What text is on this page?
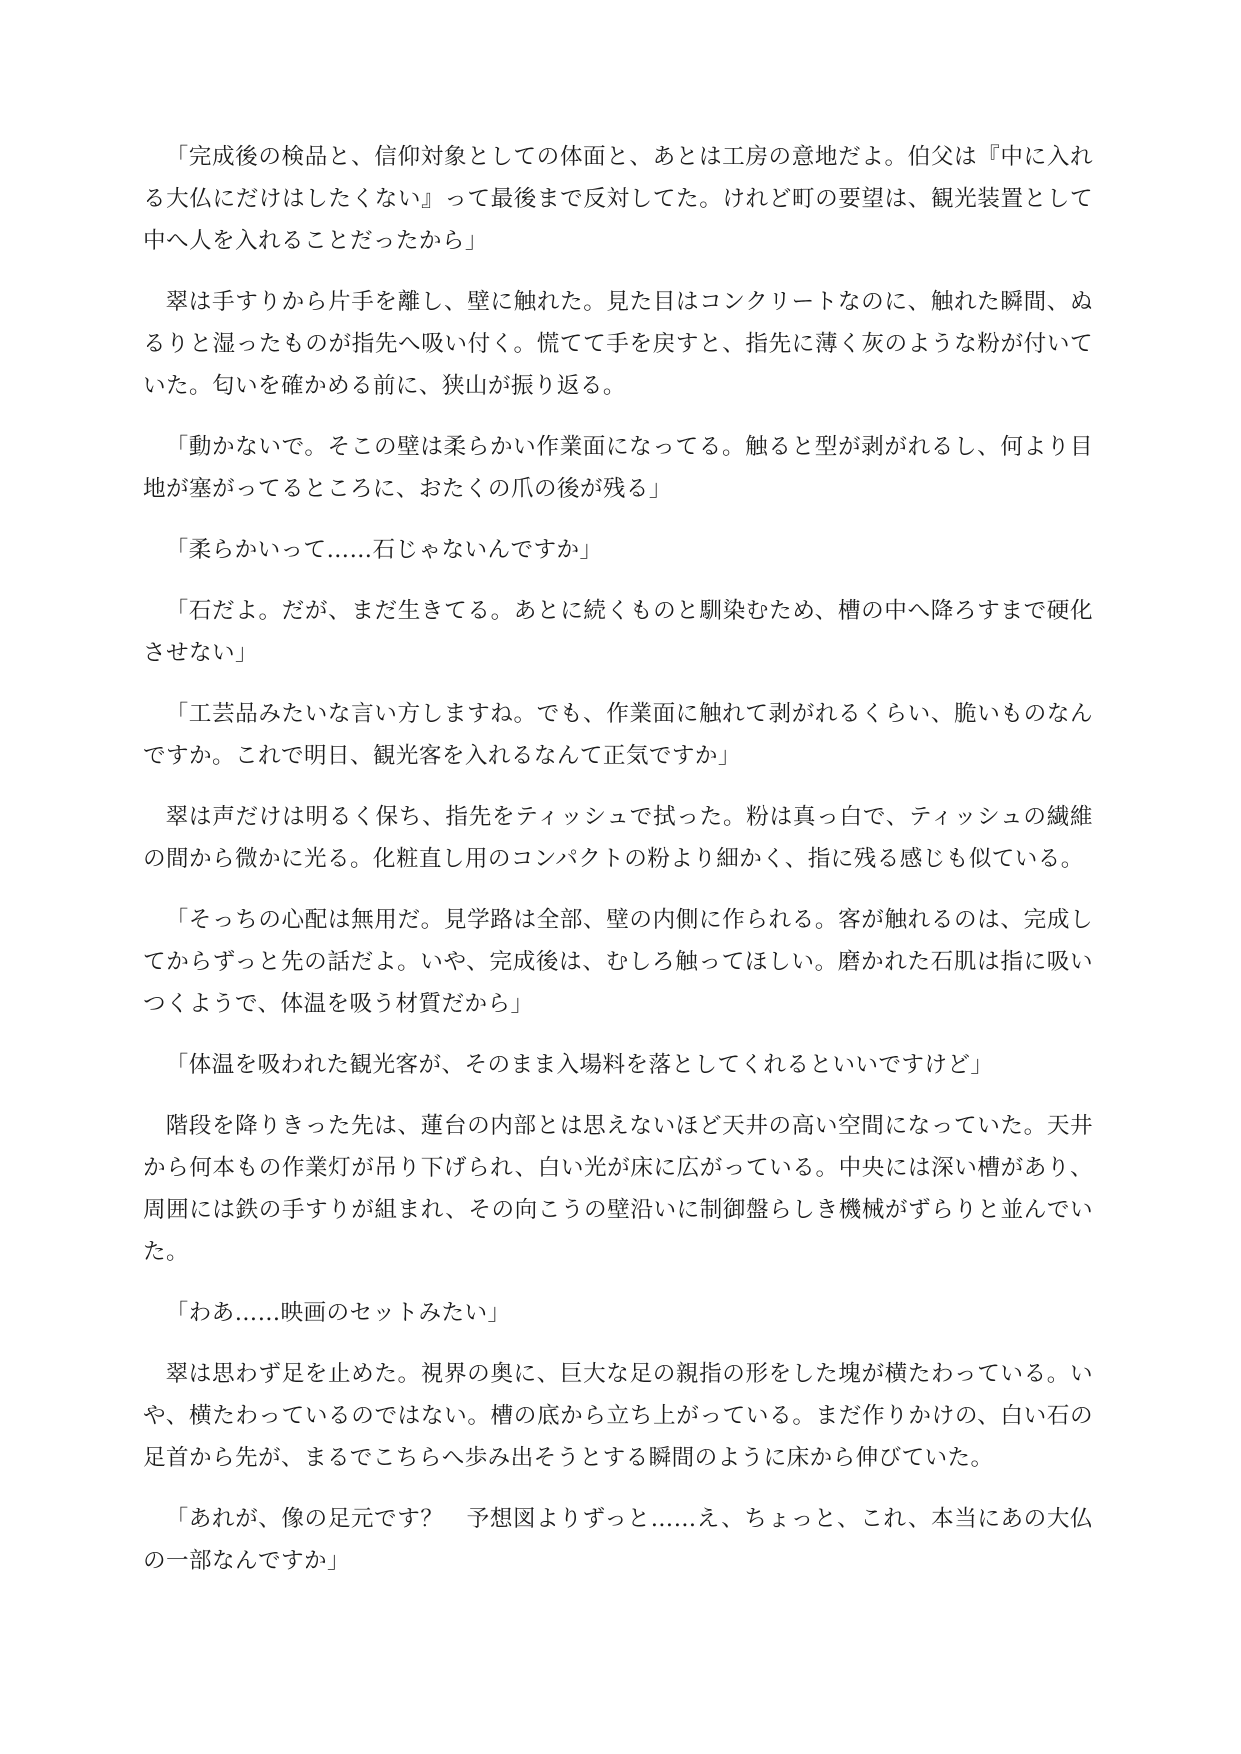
「完成後の検品と、信仰対象としての体面と、あとは工房の意地だよ。伯父は『中に入れる大仏にだけはしたくない』って最後まで反対してた。けれど町の要望は、観光装置として中へ人を入れることだったから」

翠は手すりから片手を離し、壁に触れた。見た目はコンクリートなのに、触れた瞬間、ぬるりと湿ったものが指先へ吸い付く。慌てて手を戻すと、指先に薄く灰のような粉が付いていた。匂いを確かめる前に、狭山が振り返る。

「動かないで。そこの壁は柔らかい作業面になってる。触ると型が剥がれるし、何より目地が塞がってるところに、おたくの爪の後が残る」

「柔らかいって……石じゃないんですか」

「石だよ。だが、まだ生きてる。あとに続くものと馴染むため、槽の中へ降ろすまで硬化させない」

「工芸品みたいな言い方しますね。でも、作業面に触れて剥がれるくらい、脆いものなんですか。これで明日、観光客を入れるなんて正気ですか」

翠は声だけは明るく保ち、指先をティッシュで拭った。粉は真っ白で、ティッシュの繊維の間から微かに光る。化粧直し用のコンパクトの粉より細かく、指に残る感じも似ている。

「そっちの心配は無用だ。見学路は全部、壁の内側に作られる。客が触れるのは、完成してからずっと先の話だよ。いや、完成後は、むしろ触ってほしい。磨かれた石肌は指に吸いつくようで、体温を吸う材質だから」

「体温を吸われた観光客が、そのまま入場料を落としてくれるといいですけど」

階段を降りきった先は、蓮台の内部とは思えないほど天井の高い空間になっていた。天井から何本もの作業灯が吊り下げられ、白い光が床に広がっている。中央には深い槽があり、周囲には鉄の手すりが組まれ、その向こうの壁沿いに制御盤らしき機械がずらりと並んでいた。

「わあ……映画のセットみたい」

翠は思わず足を止めた。視界の奥に、巨大な足の親指の形をした塊が横たわっている。いや、横たわっているのではない。槽の底から立ち上がっている。まだ作りかけの、白い石の足首から先が、まるでこちらへ歩み出そうとする瞬間のように床から伸びていた。

「あれが、像の足元です？　予想図よりずっと……え、ちょっと、これ、本当にあの大仏の一部なんですか」
